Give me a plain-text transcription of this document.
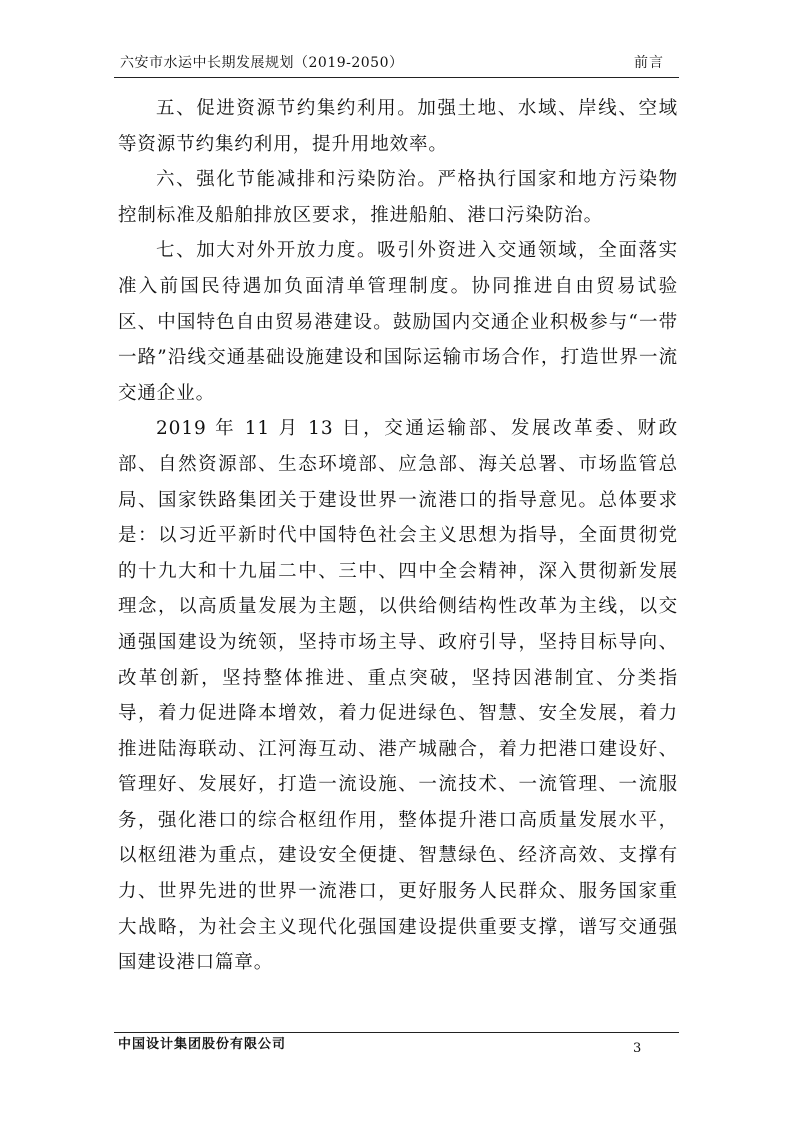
六安市水运中长期发展规划（2019-2050）	前言

五、促进资源节约集约利用。加强土地、水域、岸线、空域等资源节约集约利用，提升用地效率。

六、强化节能减排和污染防治。严格执行国家和地方污染物控制标准及船舶排放区要求，推进船舶、港口污染防治。

七、加大对外开放力度。吸引外资进入交通领域，全面落实准入前国民待遇加负面清单管理制度。协同推进自由贸易试验区、中国特色自由贸易港建设。鼓励国内交通企业积极参与“一带一路”沿线交通基础设施建设和国际运输市场合作，打造世界一流交通企业。

2019 年 11 月 13 日，交通运输部、发展改革委、财政部、自然资源部、生态环境部、应急部、海关总署、市场监管总局、国家铁路集团关于建设世界一流港口的指导意见。总体要求是：以习近平新时代中国特色社会主义思想为指导，全面贯彻党的十九大和十九届二中、三中、四中全会精神，深入贯彻新发展理念，以高质量发展为主题，以供给侧结构性改革为主线，以交通强国建设为统领，坚持市场主导、政府引导，坚持目标导向、改革创新，坚持整体推进、重点突破，坚持因港制宜、分类指导，着力促进降本增效，着力促进绿色、智慧、安全发展，着力推进陆海联动、江河海互动、港产城融合，着力把港口建设好、管理好、发展好，打造一流设施、一流技术、一流管理、一流服务，强化港口的综合枢纽作用，整体提升港口高质量发展水平，以枢纽港为重点，建设安全便捷、智慧绿色、经济高效、支撑有力、世界先进的世界一流港口，更好服务人民群众、服务国家重大战略，为社会主义现代化强国建设提供重要支撑，谱写交通强国建设港口篇章。

中国设计集团股份有限公司	3
